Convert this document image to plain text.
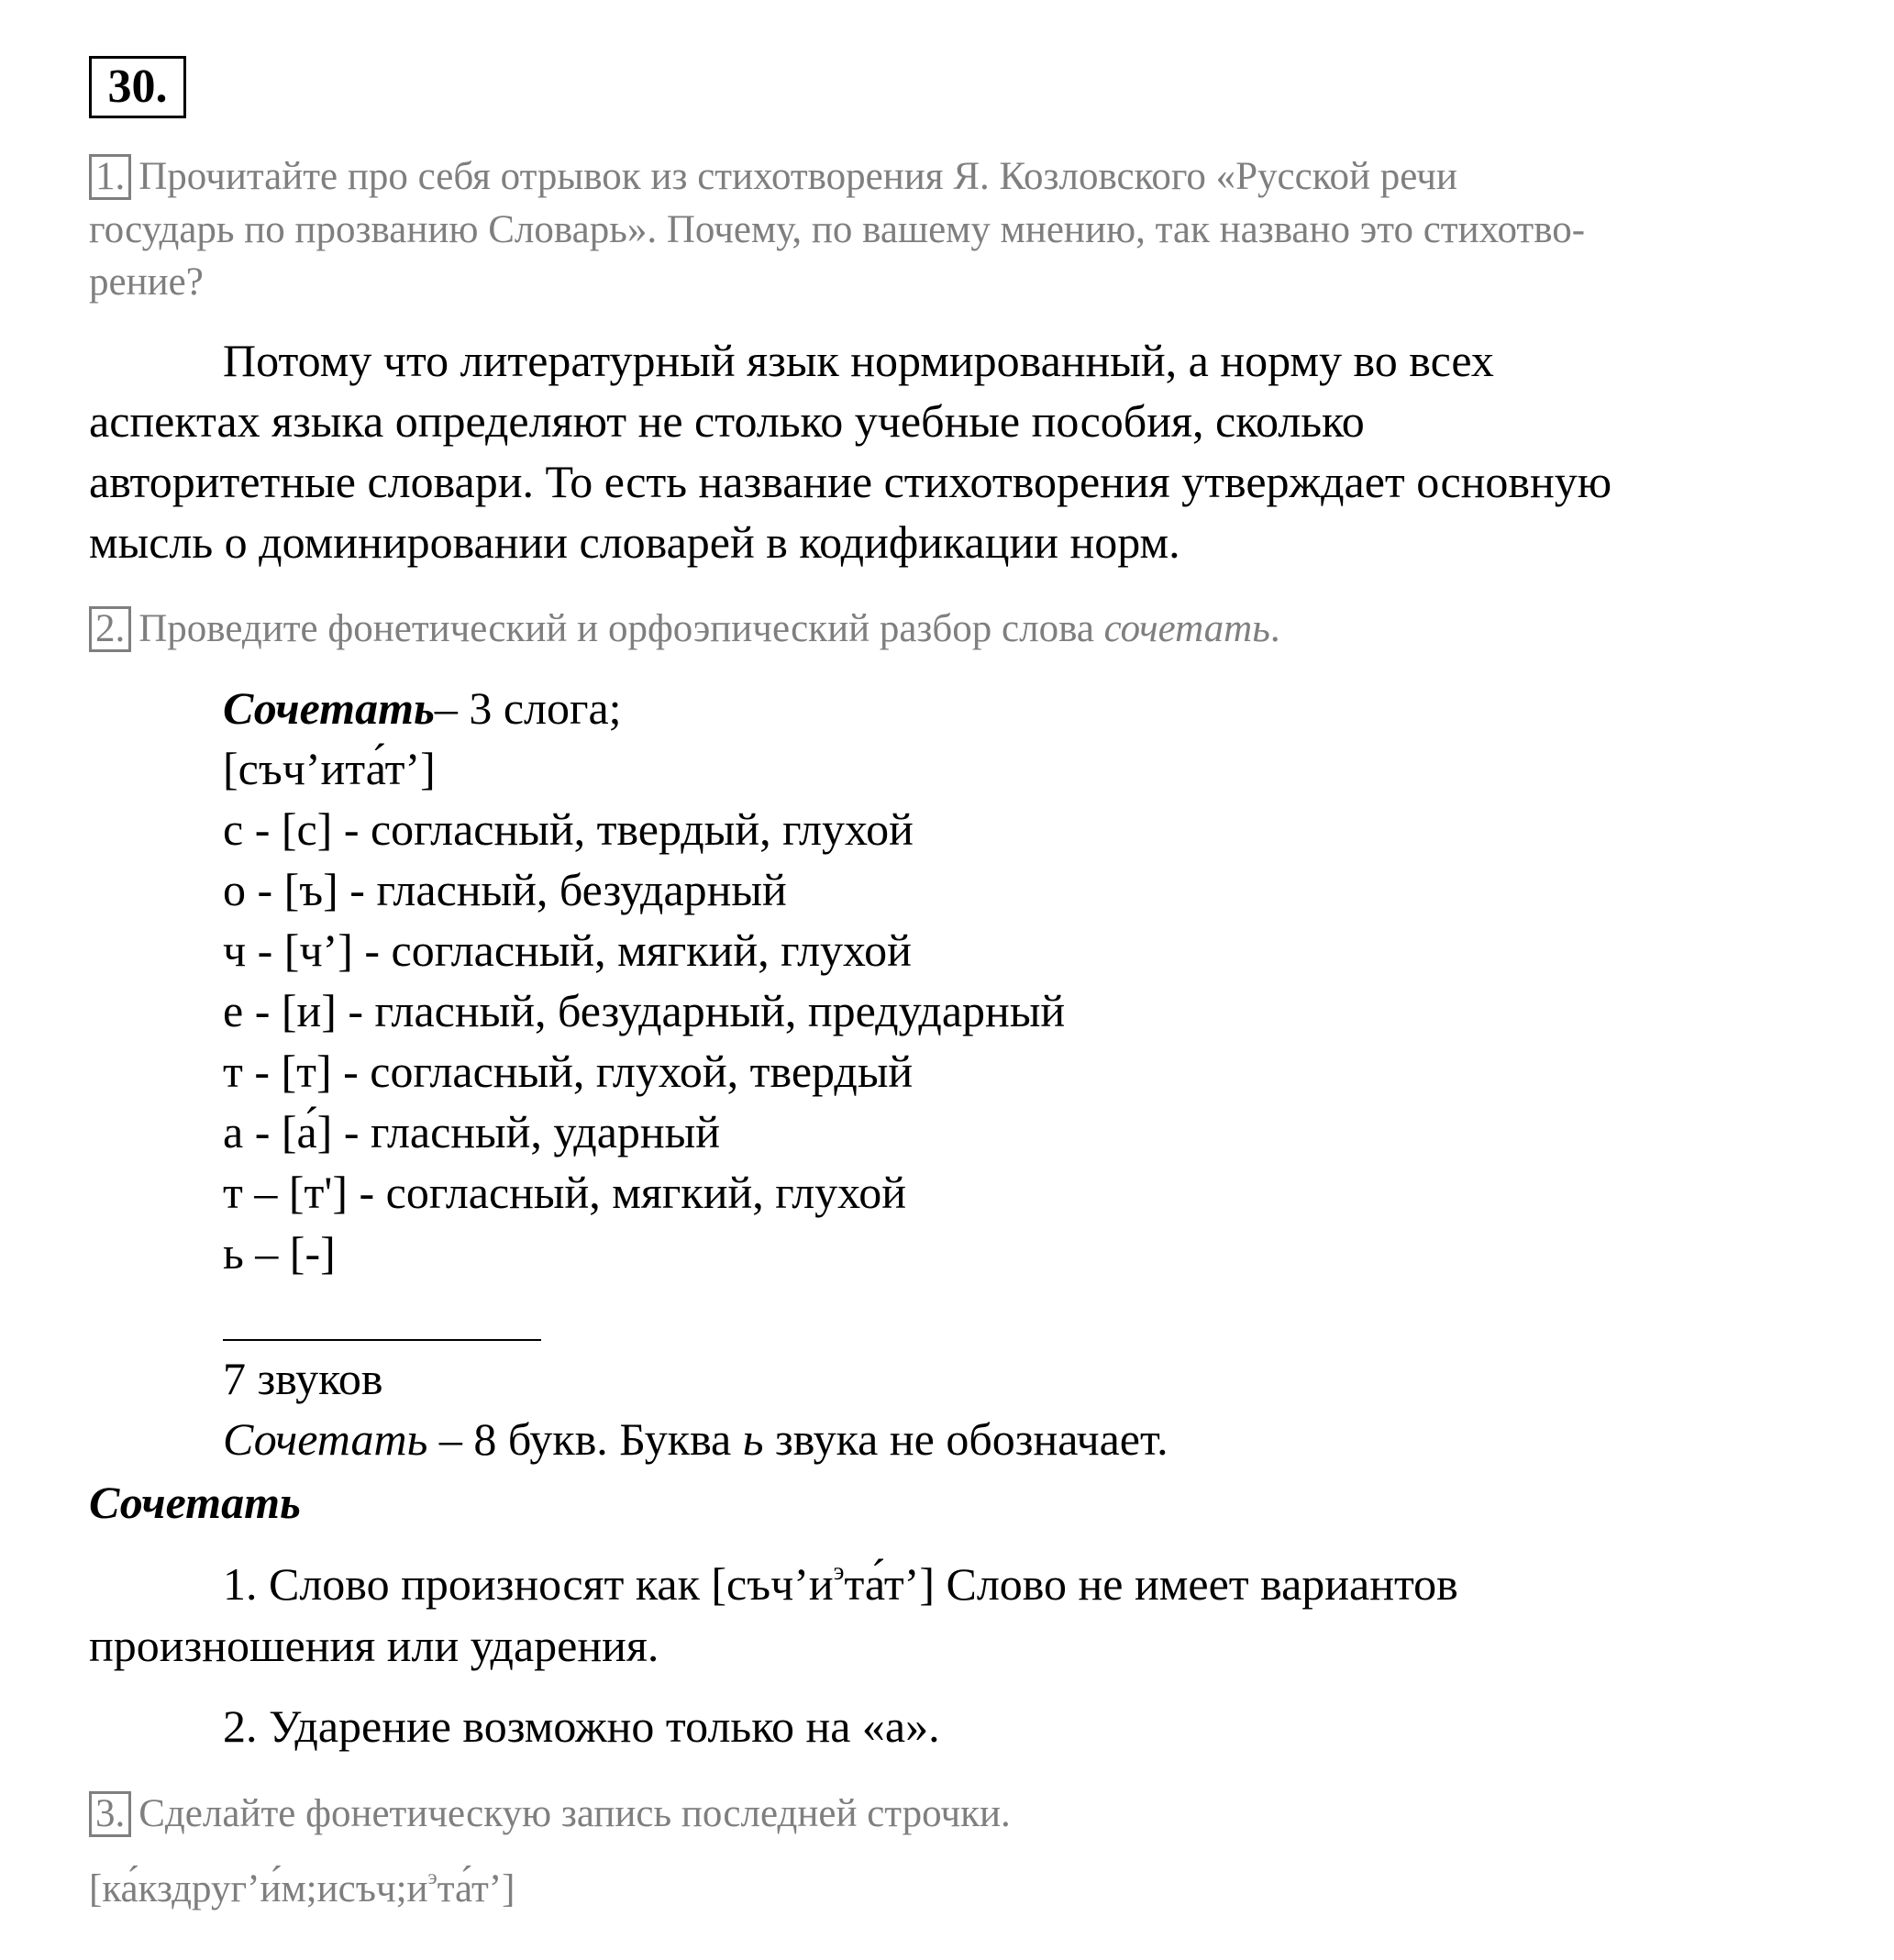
30.
1. Прочитайте про себя отрывок из стихотворения Я. Козловского «Русской речи
государь по прозванию Словарь». Почему, по вашему мнению, так названо это стихотво-
рение?
Потому что литературный язык нормированный, а норму во всех
аспектах языка определяют не столько учебные пособия, сколько
авторитетные словари. То есть название стихотворения утверждает основную
мысль о доминировании словарей в кодификации норм.
2. Проведите фонетический и орфоэпический разбор слова сочетать.
Сочетать– 3 слога;
[съч’ита́т’]
с - [с] - согласный, твердый, глухой
о - [ъ] - гласный, безударный
ч - [ч’] - согласный, мягкий, глухой
е - [и] - гласный, безударный, предударный
т - [т] - согласный, глухой, твердый
а - [а́] - гласный, ударный
т – [т'] - согласный, мягкий, глухой
ь – [-]
7 звуков
Сочетать – 8 букв. Буква ь звука не обозначает.
Сочетать
1. Слово произносят как $[съч’и^эта́т’]$ Слово не имеет вариантов
произношения или ударения.
2. Ударение возможно только на «а».
3. Сделайте фонетическую запись последней строчки.
$[ка́кздруг’и́м;исъч;и^эта́т’]$
